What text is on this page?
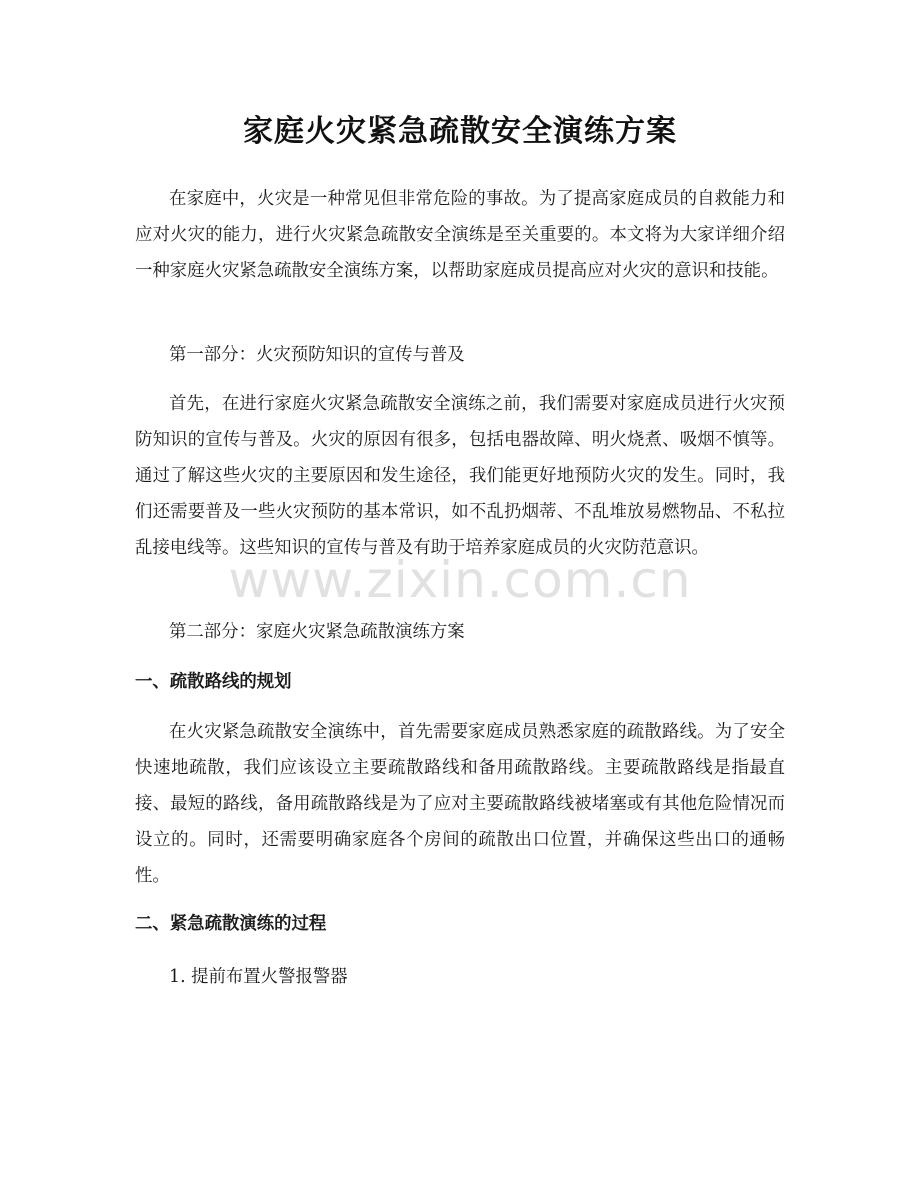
家庭火灾紧急疏散安全演练方案
在家庭中，火灾是一种常见但非常危险的事故。为了提高家庭成员的自救能力和应对火灾的能力，进行火灾紧急疏散安全演练是至关重要的。本文将为大家详细介绍一种家庭火灾紧急疏散安全演练方案，以帮助家庭成员提高应对火灾的意识和技能。
第一部分：火灾预防知识的宣传与普及
首先，在进行家庭火灾紧急疏散安全演练之前，我们需要对家庭成员进行火灾预防知识的宣传与普及。火灾的原因有很多，包括电器故障、明火烧煮、吸烟不慎等。通过了解这些火灾的主要原因和发生途径，我们能更好地预防火灾的发生。同时，我们还需要普及一些火灾预防的基本常识，如不乱扔烟蒂、不乱堆放易燃物品、不私拉乱接电线等。这些知识的宣传与普及有助于培养家庭成员的火灾防范意识。
第二部分：家庭火灾紧急疏散演练方案
一、疏散路线的规划
在火灾紧急疏散安全演练中，首先需要家庭成员熟悉家庭的疏散路线。为了安全快速地疏散，我们应该设立主要疏散路线和备用疏散路线。主要疏散路线是指最直接、最短的路线，备用疏散路线是为了应对主要疏散路线被堵塞或有其他危险情况而设立的。同时，还需要明确家庭各个房间的疏散出口位置，并确保这些出口的通畅性。
二、紧急疏散演练的过程
1. 提前布置火警报警器
www.zixin.com.cn
